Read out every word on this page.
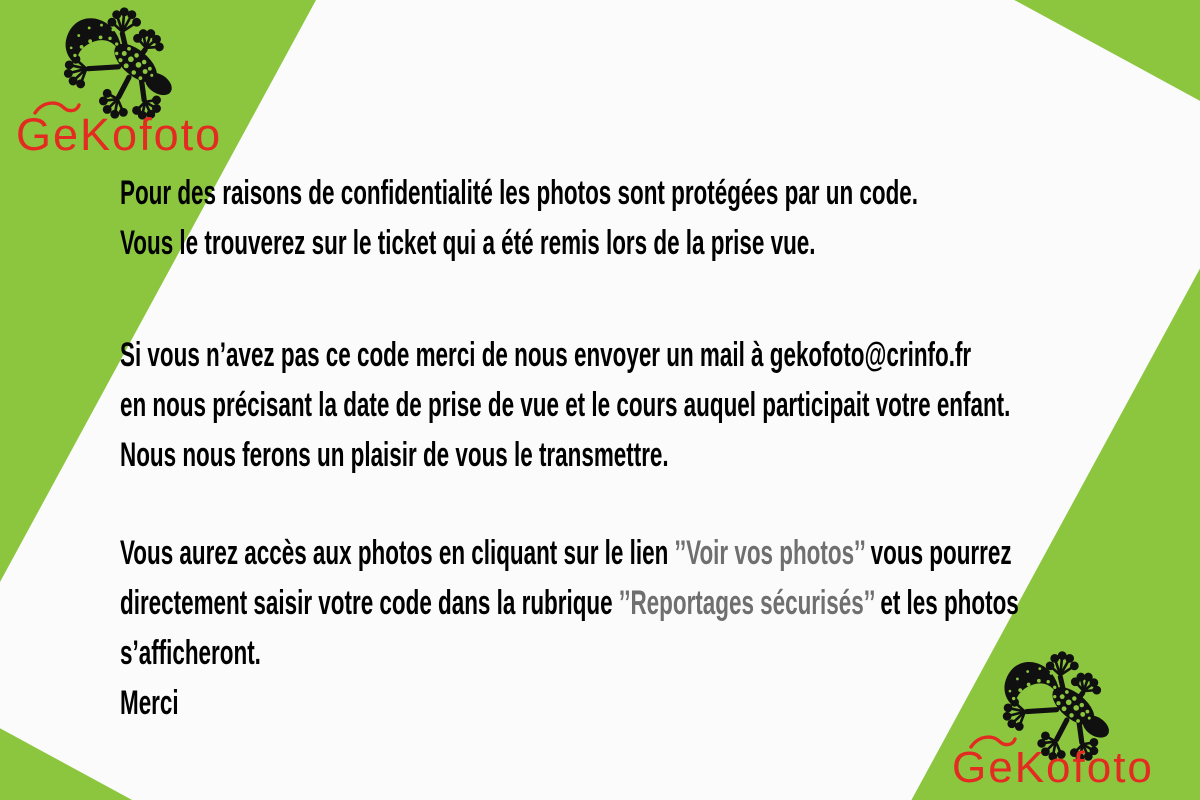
GeKofoto
Pour des raisons de confidentialité les photos sont protégées par un code.
Vous le trouverez sur le ticket qui a été remis lors de la prise vue.
Si vous n’avez pas ce code merci de nous envoyer un mail à gekofoto@crinfo.fr
en nous précisant la date de prise de vue et le cours auquel participait votre enfant.
Nous nous ferons un plaisir de vous le transmettre.
Vous aurez accès aux photos en cliquant sur le lien ’’Voir vos photos’’ vous pourrez
directement saisir votre code dans la rubrique ’’Reportages sécurisés’’ et les photos
s’afficheront.
Merci
GeKofoto
